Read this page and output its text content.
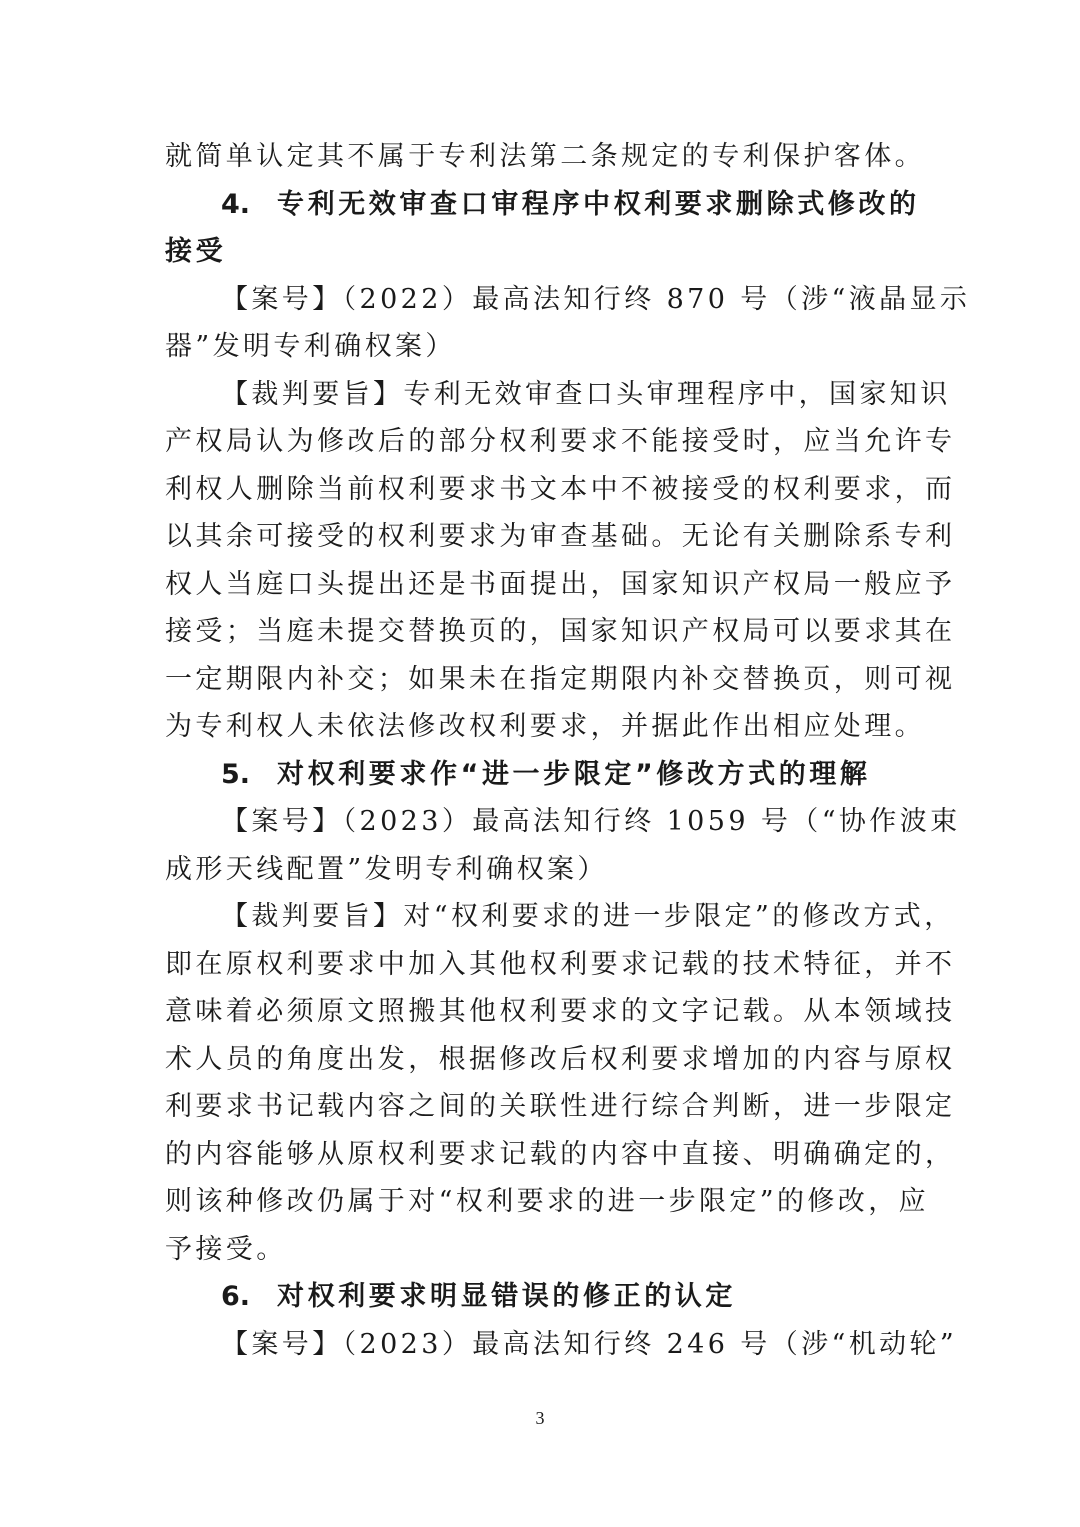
就简单认定其不属于专利法第二条规定的专利保护客体。

4. 专利无效审查口审程序中权利要求删除式修改的

接受

【案号】（2022）最高法知行终 870 号（涉“液晶显示

器”发明专利确权案）

【裁判要旨】专利无效审查口头审理程序中，国家知识

产权局认为修改后的部分权利要求不能接受时，应当允许专

利权人删除当前权利要求书文本中不被接受的权利要求，而

以其余可接受的权利要求为审查基础。无论有关删除系专利

权人当庭口头提出还是书面提出，国家知识产权局一般应予

接受；当庭未提交替换页的，国家知识产权局可以要求其在

一定期限内补交；如果未在指定期限内补交替换页，则可视

为专利权人未依法修改权利要求，并据此作出相应处理。

5. 对权利要求作“进一步限定”修改方式的理解

【案号】（2023）最高法知行终 1059 号（“协作波束

成形天线配置”发明专利确权案）

【裁判要旨】对“权利要求的进一步限定”的修改方式，

即在原权利要求中加入其他权利要求记载的技术特征，并不

意味着必须原文照搬其他权利要求的文字记载。从本领域技

术人员的角度出发，根据修改后权利要求增加的内容与原权

利要求书记载内容之间的关联性进行综合判断，进一步限定

的内容能够从原权利要求记载的内容中直接、明确确定的，

则该种修改仍属于对“权利要求的进一步限定”的修改，应

予接受。

6. 对权利要求明显错误的修正的认定

【案号】（2023）最高法知行终 246 号（涉“机动轮”

3
